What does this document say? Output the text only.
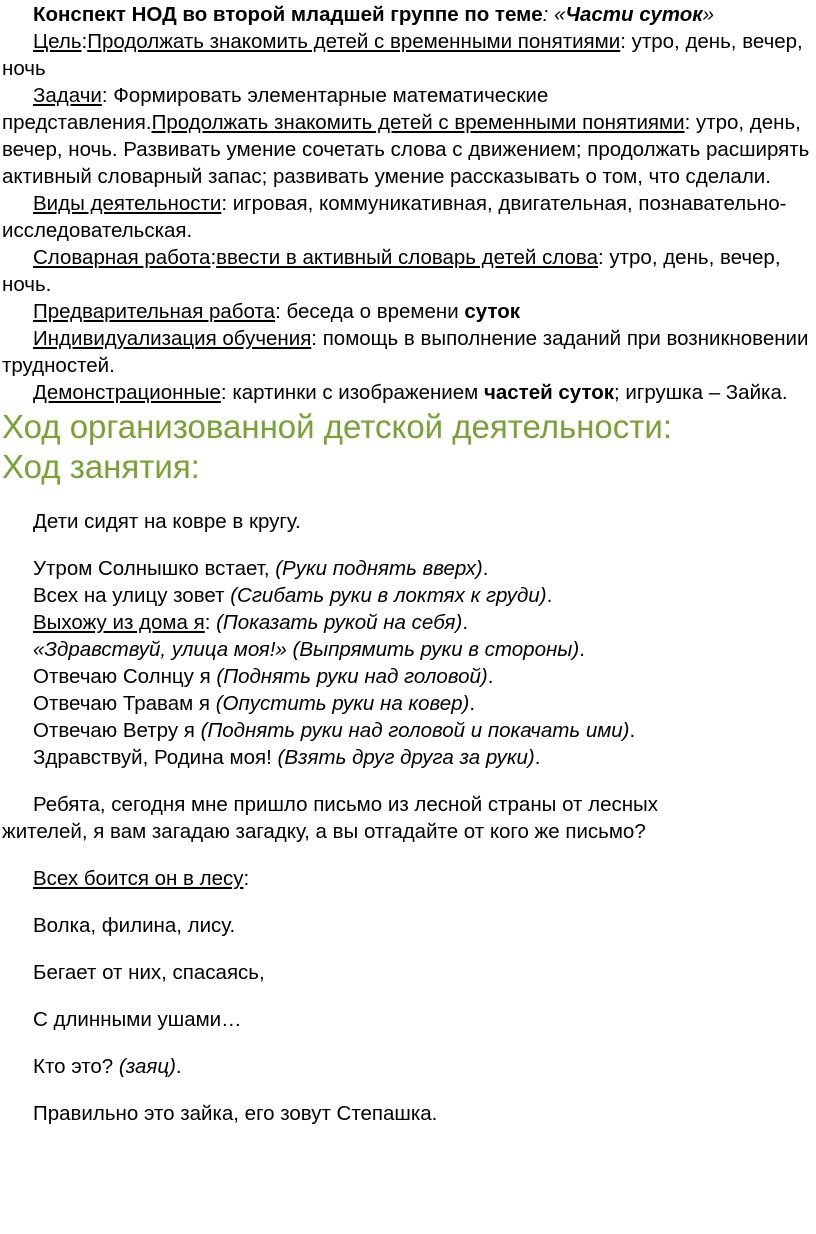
Конспект НОД во второй младшей группе по теме: «Части суток»

Цель:Продолжать знакомить детей с временными понятиями: утро, день, вечер, ночь

Задачи: Формировать элементарные математические представления.Продолжать знакомить детей с временными понятиями: утро, день, вечер, ночь. Развивать умение сочетать слова с движением; продолжать расширять активный словарный запас; развивать умение рассказывать о том, что сделали.

Виды деятельности: игровая, коммуникативная, двигательная, познавательно-исследовательская.

Словарная работа:ввести в активный словарь детей слова: утро, день, вечер, ночь.

Предварительная работа: беседа о времени суток

Индивидуализация обучения: помощь в выполнение заданий при возникновении трудностей.

Демонстрационные: картинки с изображением частей суток; игрушка – Зайка.

Ход организованной детской деятельности:

Ход занятия:

Дети сидят на ковре в кругу.

Утром Солнышко встает, (Руки поднять вверх).

Всех на улицу зовет (Сгибать руки в локтях к груди).

Выхожу из дома я: (Показать рукой на себя).

«Здравствуй, улица моя!» (Выпрямить руки в стороны).

Отвечаю Солнцу я (Поднять руки над головой).

Отвечаю Травам я (Опустить руки на ковер).

Отвечаю Ветру я (Поднять руки над головой и покачать ими).

Здравствуй, Родина моя! (Взять друг друга за руки).

Ребята, сегодня мне пришло письмо из лесной страны от лесных

жителей, я вам загадаю загадку, а вы отгадайте от кого же письмо?

Всех боится он в лесу:

Волка, филина, лису.

Бегает от них, спасаясь,

С длинными ушами…

Кто это? (заяц).

Правильно это зайка, его зовут Степашка.
